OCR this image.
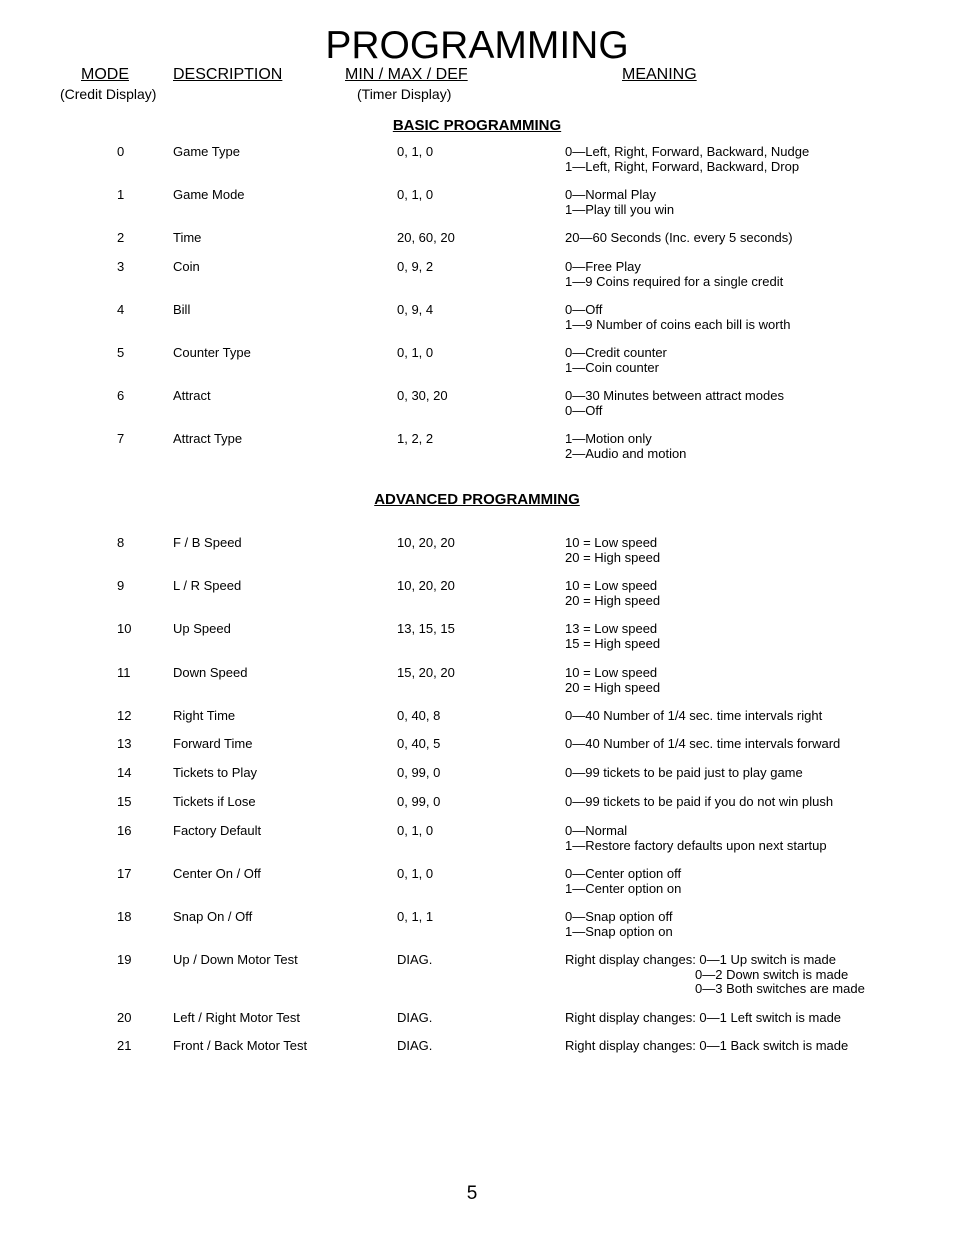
PROGRAMMING
MODE	DESCRIPTION	MIN / MAX / DEF	MEANING
(Credit Display)	(Timer Display)
BASIC PROGRAMMING
ADVANCED PROGRAMMING
0	Game Type	0, 1, 0	0—Left, Right, Forward, Backward, Nudge
1—Left, Right, Forward, Backward, Drop
1	Game Mode	0, 1, 0	0—Normal Play
1—Play till you win
2	Time	20, 60, 20	20—60 Seconds (Inc. every 5 seconds)
3	Coin	0, 9, 2	0—Free Play
1—9 Coins required for a single credit
4	Bill	0, 9, 4	0—Off
1—9 Number of coins each bill is worth
5	Counter Type	0, 1, 0	0—Credit counter
1—Coin counter
6	Attract	0, 30, 20	0—30 Minutes between attract modes
0—Off
7	Attract Type	1, 2, 2	1—Motion only
2—Audio and motion
8	F / B Speed	10, 20, 20	10 = Low speed
20 = High speed
9	L / R Speed	10, 20, 20	10 = Low speed
20 = High speed
10	Up Speed	13, 15, 15	13 = Low speed
15 = High speed
11	Down Speed	15, 20, 20	10 = Low speed
20 = High speed
12	Right Time	0, 40, 8	0—40 Number of 1/4 sec. time intervals right
13	Forward Time	0, 40, 5	0—40 Number of 1/4 sec. time intervals forward
14	Tickets to Play	0, 99, 0	0—99 tickets to be paid just to play game
15	Tickets if Lose	0, 99, 0	0—99 tickets to be paid if you do not win plush
16	Factory Default	0, 1, 0	0—Normal
1—Restore factory defaults upon next startup
17	Center On / Off	0, 1, 0	0—Center option off
1—Center option on
18	Snap On / Off	0, 1, 1	0—Snap option off
1—Snap option on
19	Up / Down Motor Test	DIAG.	Right display changes: 0—1 Up switch is made
0—2 Down switch is made
0—3 Both switches are made
20	Left / Right Motor Test	DIAG.	Right display changes: 0—1 Left switch is made
21	Front / Back Motor Test	DIAG.	Right display changes: 0—1 Back switch is made
5
